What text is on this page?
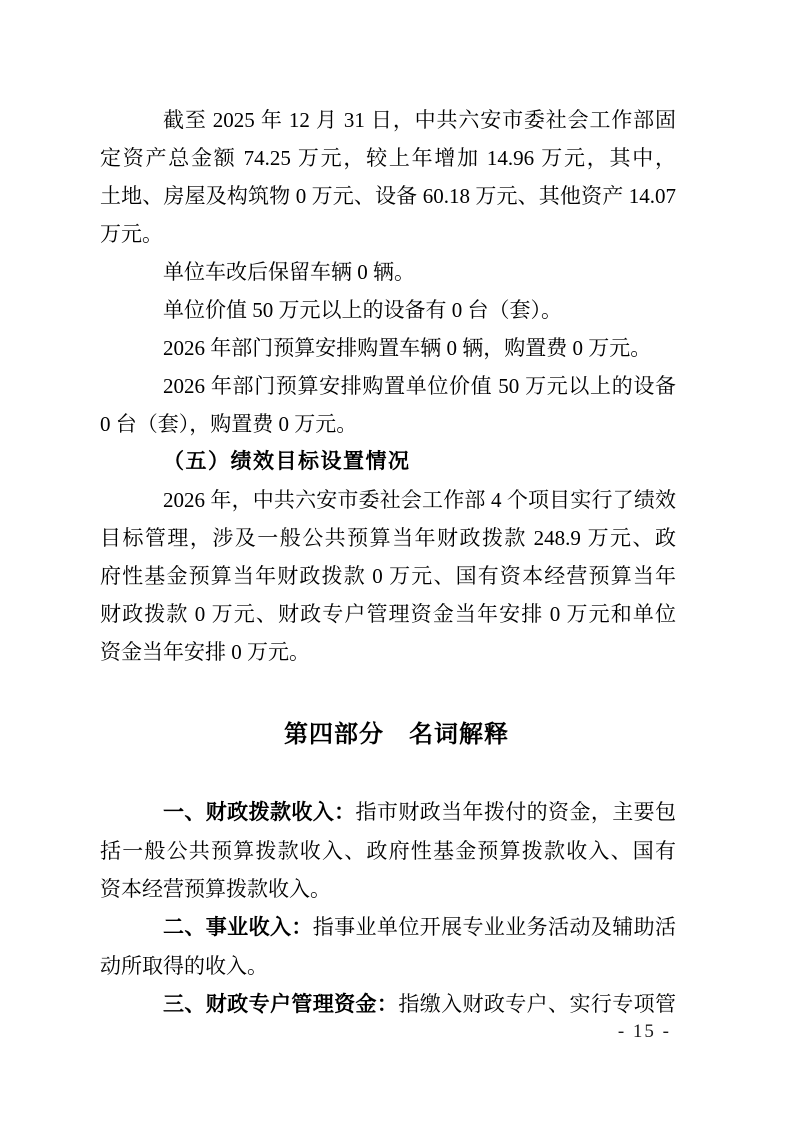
截至 2025 年 12 月 31 日，中共六安市委社会工作部固
定资产总金额 74.25 万元，较上年增加 14.96 万元，其中，
土地、房屋及构筑物 0 万元、设备 60.18 万元、其他资产 14.07
万元。
单位车改后保留车辆 0 辆。
单位价值 50 万元以上的设备有 0 台（套）。
2026 年部门预算安排购置车辆 0 辆，购置费 0 万元。
2026 年部门预算安排购置单位价值 50 万元以上的设备
0 台（套），购置费 0 万元。
（五）绩效目标设置情况
2026 年，中共六安市委社会工作部 4 个项目实行了绩效
目标管理，涉及一般公共预算当年财政拨款 248.9 万元、政
府性基金预算当年财政拨款 0 万元、国有资本经营预算当年
财政拨款 0 万元、财政专户管理资金当年安排 0 万元和单位
资金当年安排 0 万元。
第四部分　名词解释
一、财政拨款收入：指市财政当年拨付的资金，主要包
括一般公共预算拨款收入、政府性基金预算拨款收入、国有
资本经营预算拨款收入。
二、事业收入：指事业单位开展专业业务活动及辅助活
动所取得的收入。
三、财政专户管理资金：指缴入财政专户、实行专项管
- 15 -
